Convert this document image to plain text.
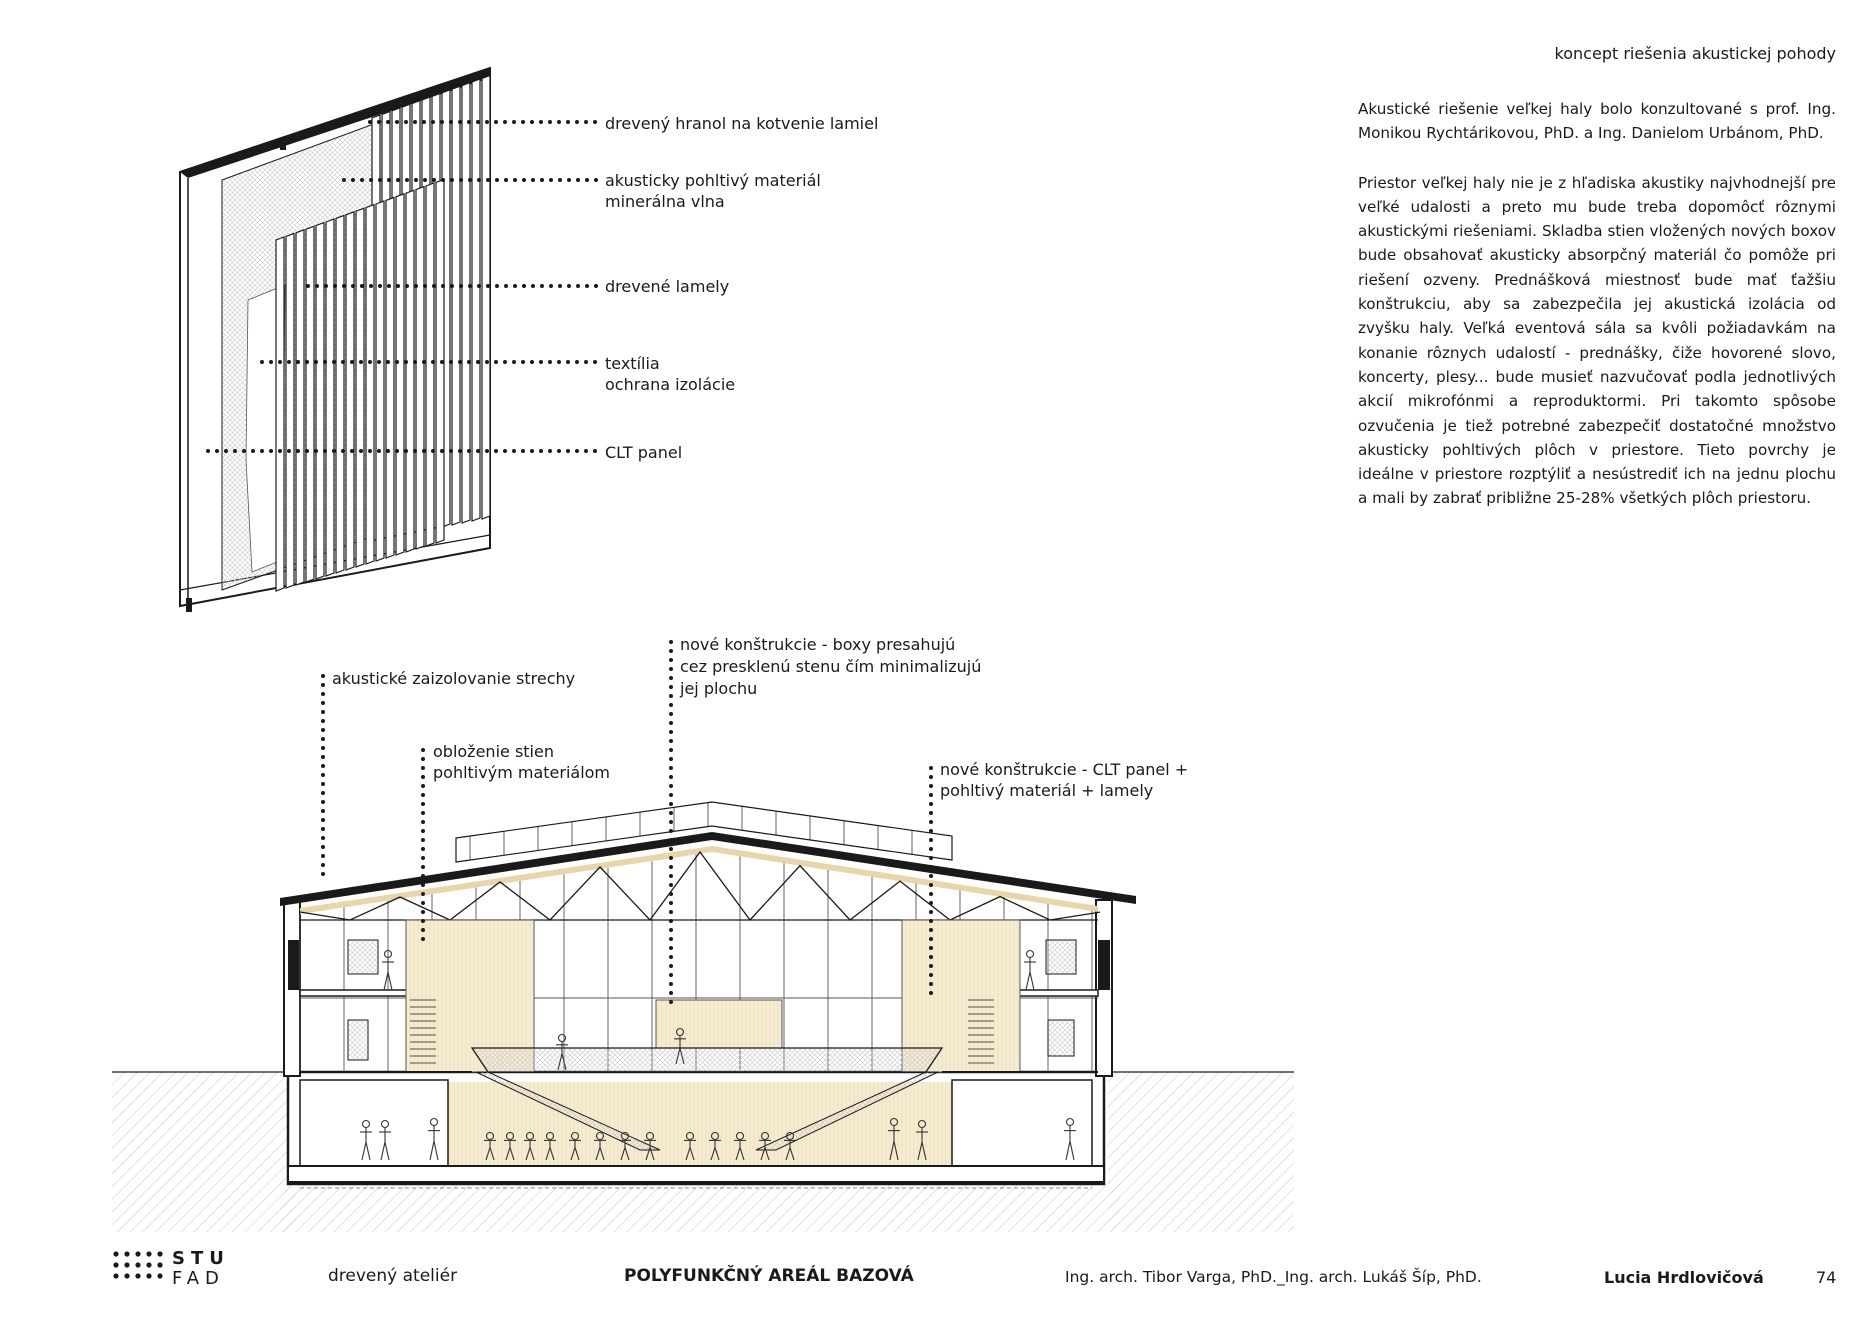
koncept riešenia akustickej pohody

Akustické riešenie veľkej haly bolo konzultované s prof. Ing. Monikou Rychtárikovou, PhD. a Ing. Danielom Urbánom, PhD.

Priestor veľkej haly nie je z hľadiska akustiky najvhodnejší pre veľké udalosti a preto mu bude treba dopomôcť rôznymi akustickými riešeniami. Skladba stien vložených nových boxov bude obsahovať akusticky absorpčný materiál čo pomôže pri riešení ozveny. Prednášková miestnosť bude mať ťažšiu konštrukciu, aby sa zabezpečila jej akustická izolácia od zvyšku haly. Veľká eventová sála sa kvôli požiadavkám na konanie rôznych udalostí - prednášky, čiže hovorené slovo, koncerty, plesy... bude musieť nazvučovať podla jednotlivých akcií mikrofónmi a reproduktormi. Pri takomto spôsobe ozvučenia je tiež potrebné zabezpečiť dostatočné množstvo akusticky pohltivých plôch v priestore. Tieto povrchy je ideálne v priestore rozptýliť a nesústrediť ich na jednu plochu a mali by zabrať približne 25-28% všetkých plôch priestoru.

drevený hranol na kotvenie lamiel
akusticky pohltivý materiál
minerálna vlna
drevené lamely
textília
ochrana izolácie
CLT panel
akustické zaizolovanie strechy
obloženie stien
pohltivým materiálom
nové konštrukcie - boxy presahujú
cez presklenú stenu čím minimalizujú
jej plochu
nové konštrukcie - CLT panel +
pohltivý materiál + lamely
STU
FAD	drevený ateliér	POLYFUNKČNÝ AREÁL BAZOVÁ	Ing. arch. Tibor Varga, PhD._Ing. arch. Lukáš Šíp, PhD.	Lucia Hrdlovičová	74
